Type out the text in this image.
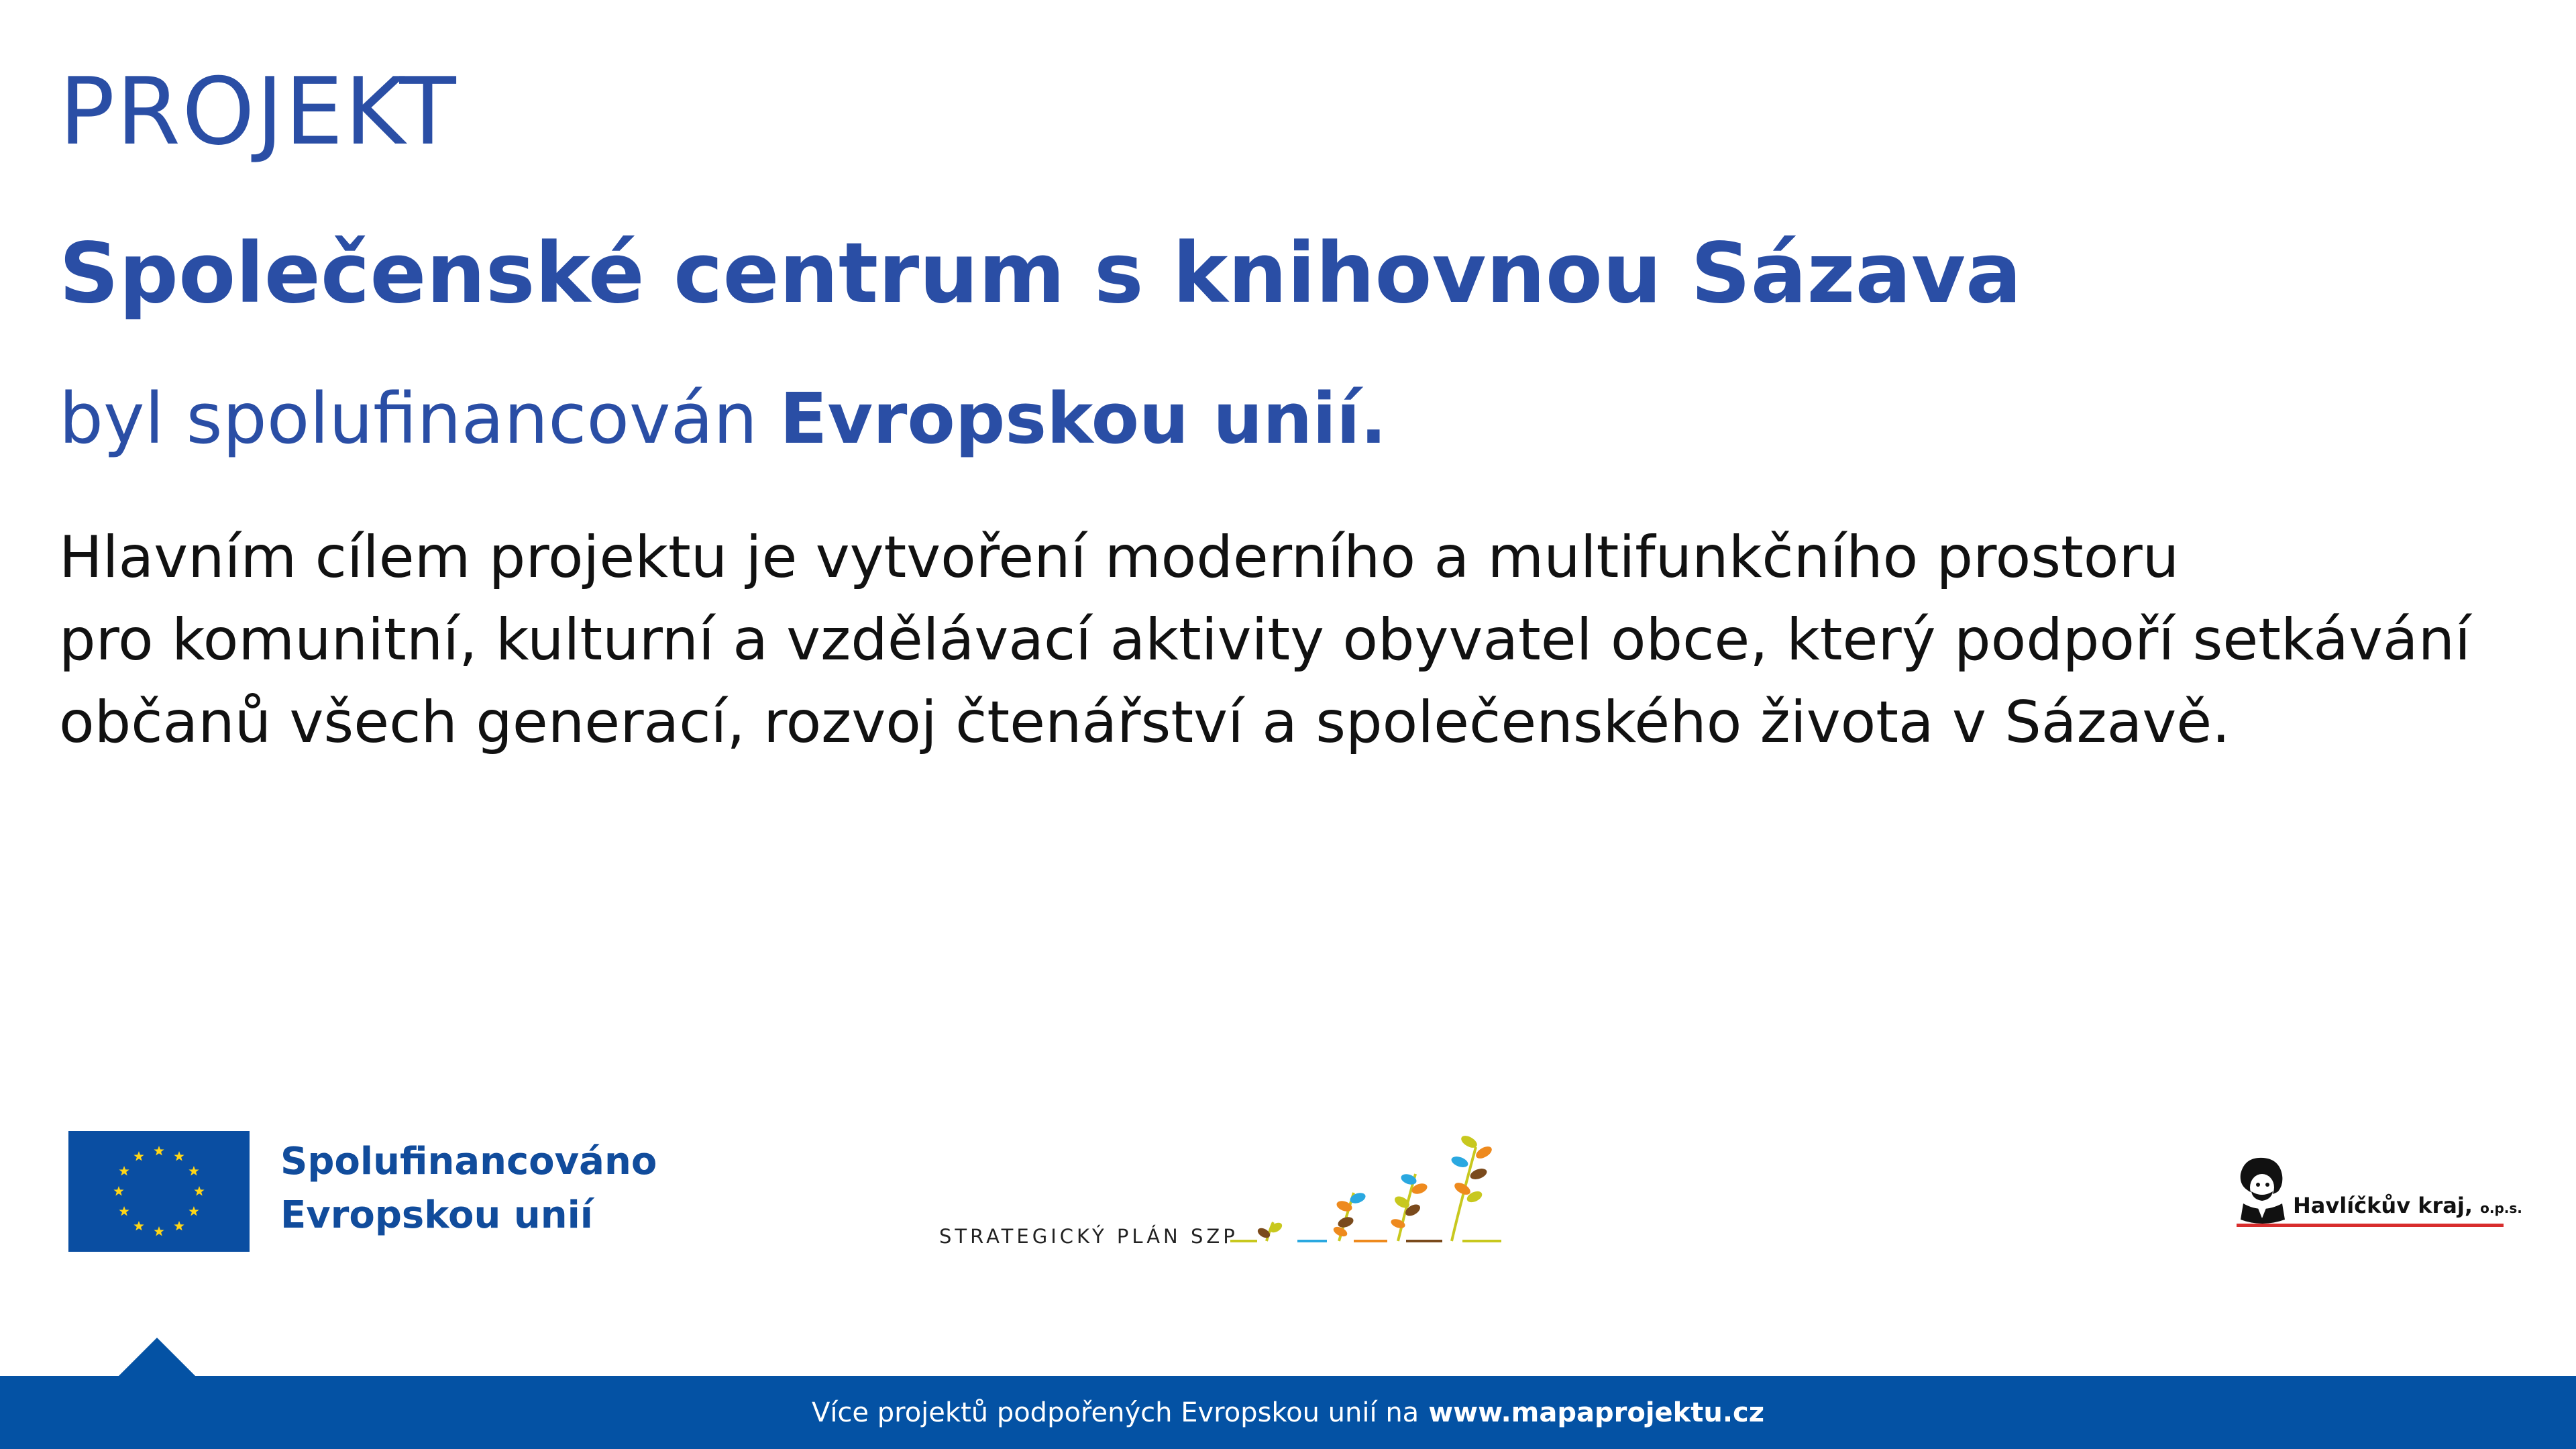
PROJEKT
Společenské centrum s knihovnou Sázava
byl spolufinancován Evropskou unií.
Hlavním cílem projektu je vytvoření moderního a multifunkčního prostoru
pro komunitní, kulturní a vzdělávací aktivity obyvatel obce, který podpoří setkávání
občanů všech generací, rozvoj čtenářství a společenského života v Sázavě.
Spolufinancováno
Evropskou unií	STRATEGICKÝ PLÁN SZP
Havlíčkův kraj, o.p.s.
Více projektů podpořených Evropskou unií na www.mapaprojektu.cz
